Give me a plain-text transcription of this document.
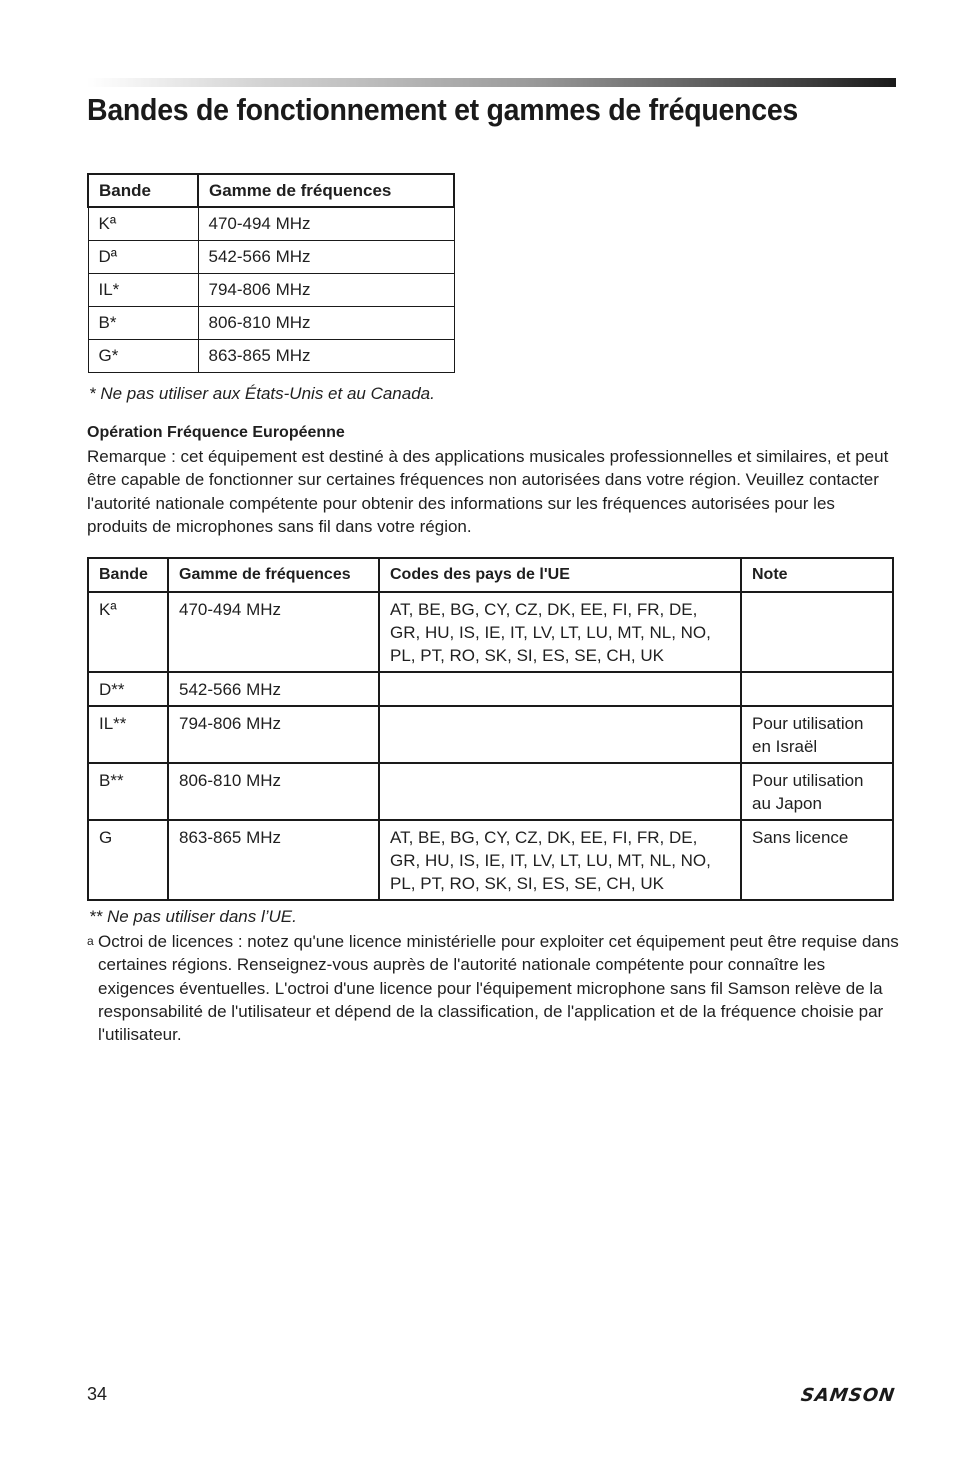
Bandes de fonctionnement et gammes de fréquences
Bande	Gamme de fréquences
Kª	470-494 MHz
Dª	542-566 MHz
IL*	794-806 MHz
B*	806-810 MHz
G*	863-865 MHz

* Ne pas utiliser aux États-Unis et au Canada.

Opération Fréquence Européenne

Remarque : cet équipement est destiné à des applications musicales professionnelles et similaires, et peut être capable de fonctionner sur certaines fréquences non autorisées dans votre région. Veuillez contacter l'autorité nationale compétente pour obtenir des informations sur les fréquences autorisées pour les produits de microphones sans fil dans votre région.

Bande	Gamme de fréquences	Codes des pays de l'UE	Note
Kª	470-494 MHz	AT, BE, BG, CY, CZ, DK, EE, FI, FR, DE, GR, HU, IS, IE, IT, LV, LT, LU, MT, NL, NO, PL, PT, RO, SK, SI, ES, SE, CH, UK	
D**	542-566 MHz		
IL**	794-806 MHz		Pour utilisation en Israël
B**	806-810 MHz		Pour utilisation au Japon
G	863-865 MHz	AT, BE, BG, CY, CZ, DK, EE, FI, FR, DE, GR, HU, IS, IE, IT, LV, LT, LU, MT, NL, NO, PL, PT, RO, SK, SI, ES, SE, CH, UK	Sans licence

** Ne pas utiliser dans l’UE.

a Octroi de licences : notez qu'une licence ministérielle pour exploiter cet équipement peut être requise dans certaines régions. Renseignez-vous auprès de l'autorité nationale compétente pour connaître les exigences éventuelles. L'octroi d'une licence pour l'équipement microphone sans fil Samson relève de la responsabilité de l'utilisateur et dépend de la classification, de l'application et de la fréquence choisie par l'utilisateur.

34	SAMSON
